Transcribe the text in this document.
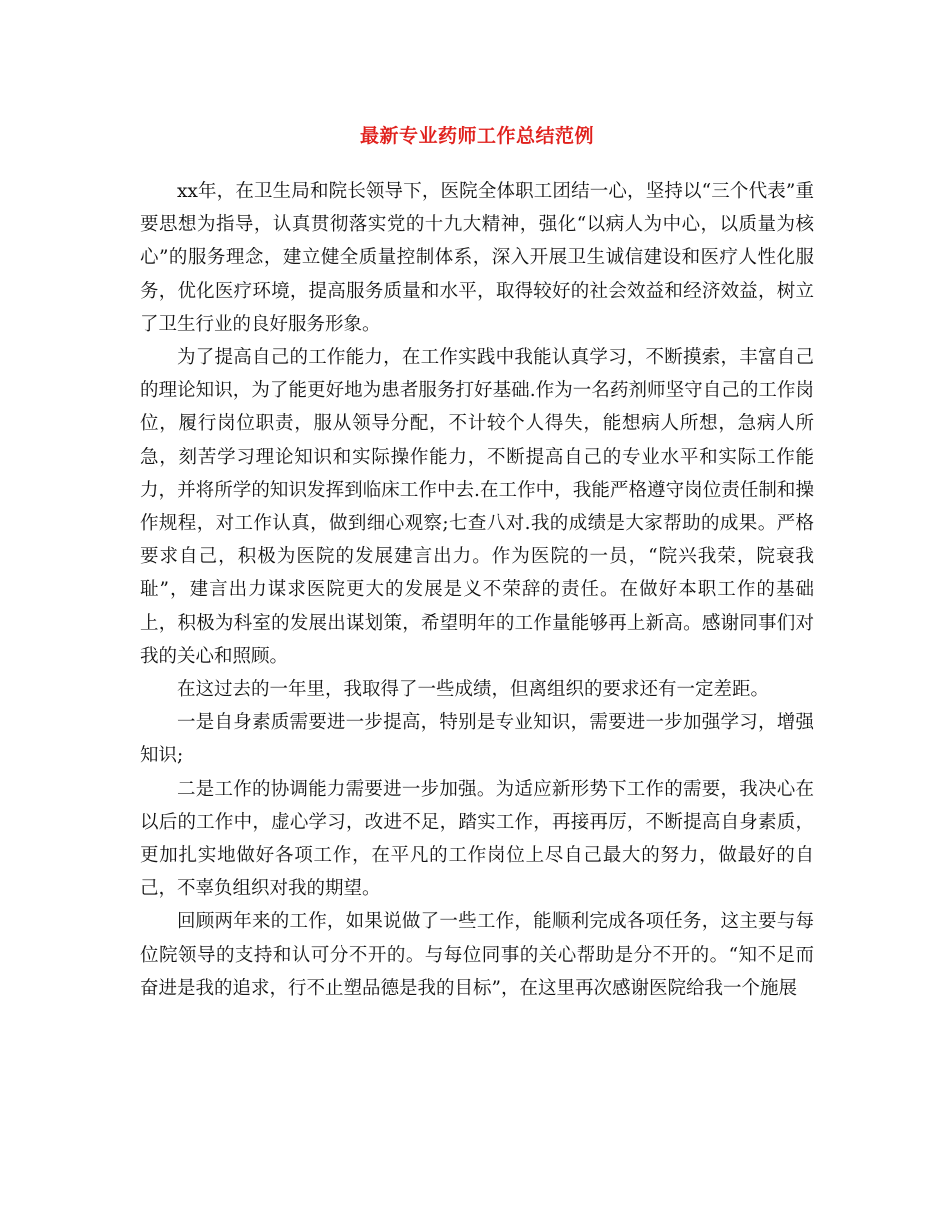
最新专业药师工作总结范例

xx年，在卫生局和院长领导下，医院全体职工团结一心，坚持以“三个代表”重要思想为指导，认真贯彻落实党的十九大精神，强化“以病人为中心，以质量为核心”的服务理念，建立健全质量控制体系，深入开展卫生诚信建设和医疗人性化服务，优化医疗环境，提高服务质量和水平，取得较好的社会效益和经济效益，树立了卫生行业的良好服务形象。

为了提高自己的工作能力，在工作实践中我能认真学习，不断摸索，丰富自己的理论知识，为了能更好地为患者服务打好基础.作为一名药剂师坚守自己的工作岗位，履行岗位职责，服从领导分配，不计较个人得失，能想病人所想，急病人所急，刻苦学习理论知识和实际操作能力，不断提高自己的专业水平和实际工作能力，并将所学的知识发挥到临床工作中去.在工作中，我能严格遵守岗位责任制和操作规程，对工作认真，做到细心观察;七查八对.我的成绩是大家帮助的成果。严格要求自己，积极为医院的发展建言出力。作为医院的一员，“院兴我荣，院衰我耻”，建言出力谋求医院更大的发展是义不荣辞的责任。在做好本职工作的基础上，积极为科室的发展出谋划策，希望明年的工作量能够再上新高。感谢同事们对我的关心和照顾。

在这过去的一年里，我取得了一些成绩，但离组织的要求还有一定差距。

一是自身素质需要进一步提高，特别是专业知识，需要进一步加强学习，增强知识;

二是工作的协调能力需要进一步加强。为适应新形势下工作的需要，我决心在以后的工作中，虚心学习，改进不足，踏实工作，再接再厉，不断提高自身素质，更加扎实地做好各项工作，在平凡的工作岗位上尽自己最大的努力，做最好的自己，不辜负组织对我的期望。

回顾两年来的工作，如果说做了一些工作，能顺利完成各项任务，这主要与每位院领导的支持和认可分不开的。与每位同事的关心帮助是分不开的。“知不足而奋进是我的追求，行不止塑品德是我的目标”，在这里再次感谢医院给我一个施展
